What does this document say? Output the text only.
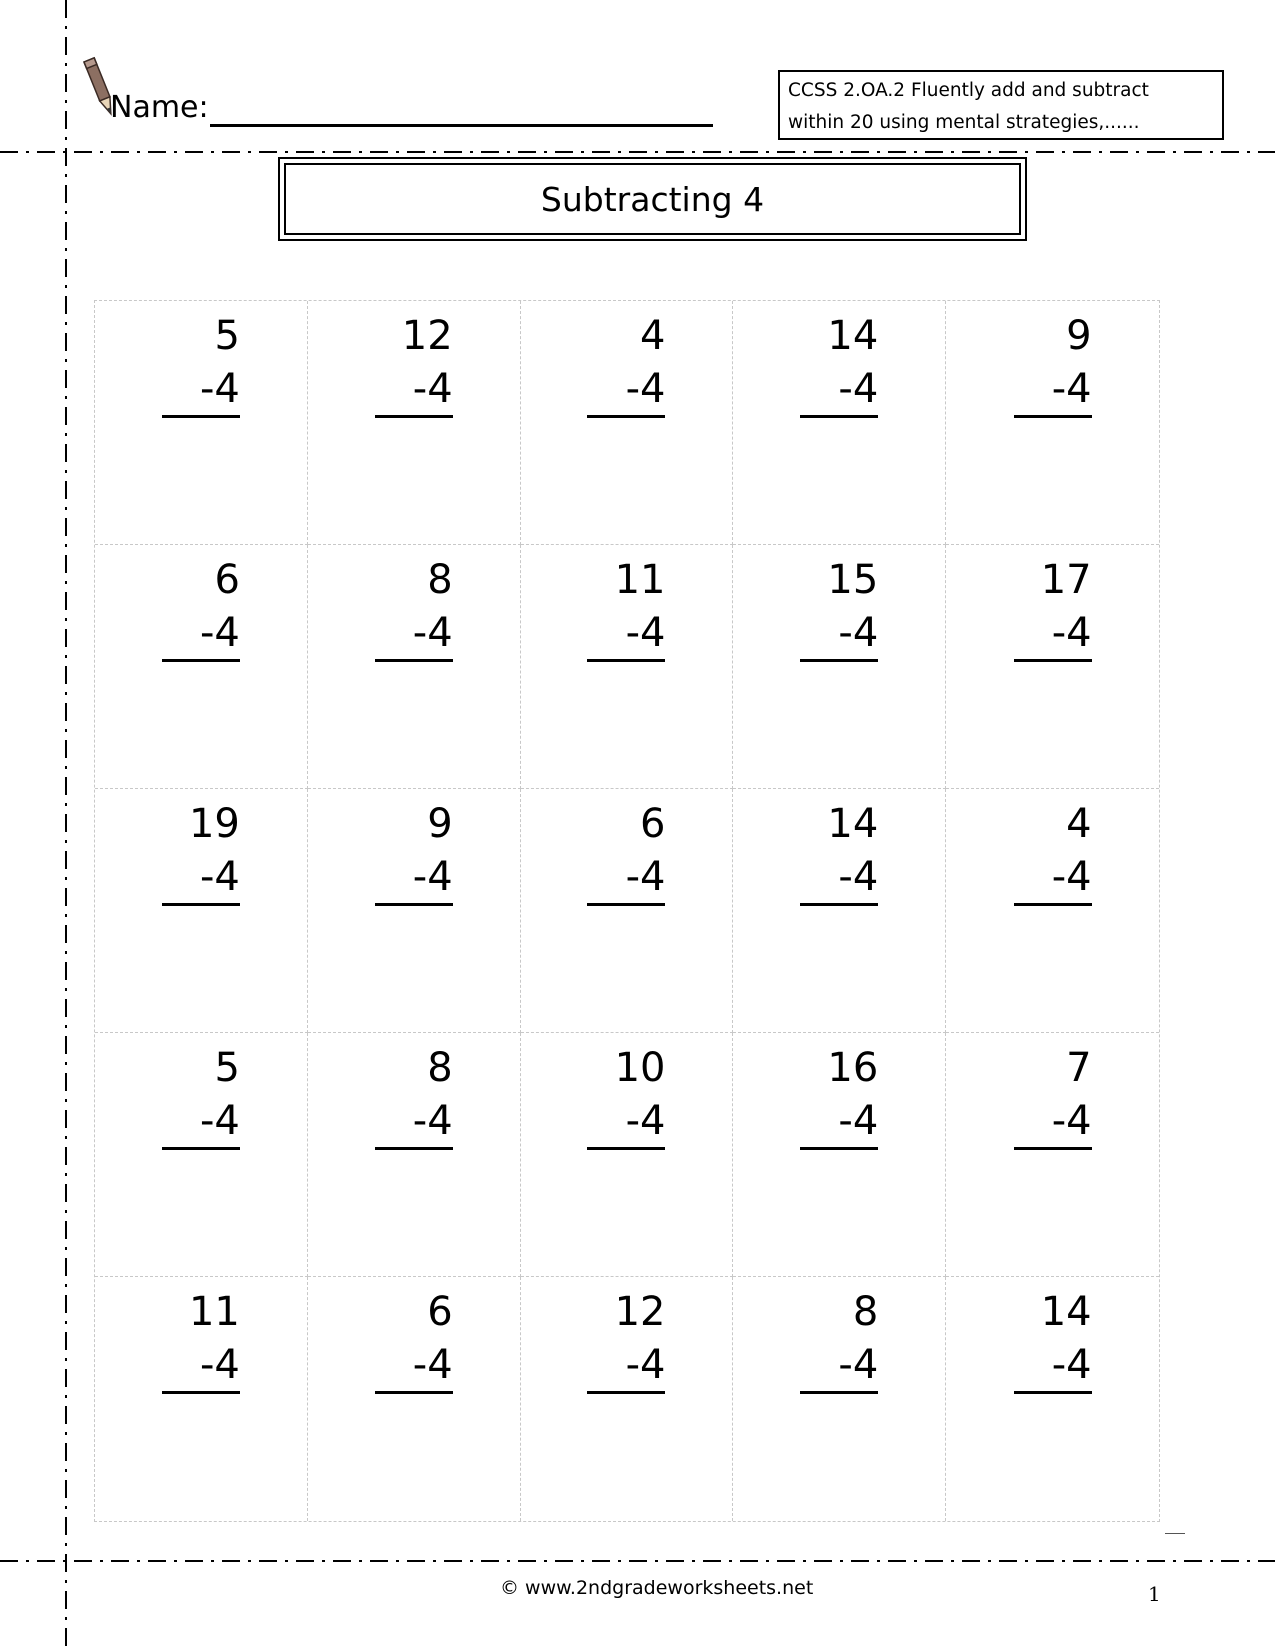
Name:	CCSS 2.OA.2 Fluently add and subtract
within 20 using mental strategies,......
Subtracting 4
5
-4
12
-4
4
-4
14
-4
9
-4
6
-4
8
-4
11
-4
15
-4
17
-4
19
-4
9
-4
6
-4
14
-4
4
-4
5
-4
8
-4
10
-4
16
-4
7
-4
11
-4
6
-4
12
-4
8
-4
14
-4
© www.2ndgradeworksheets.net	1
